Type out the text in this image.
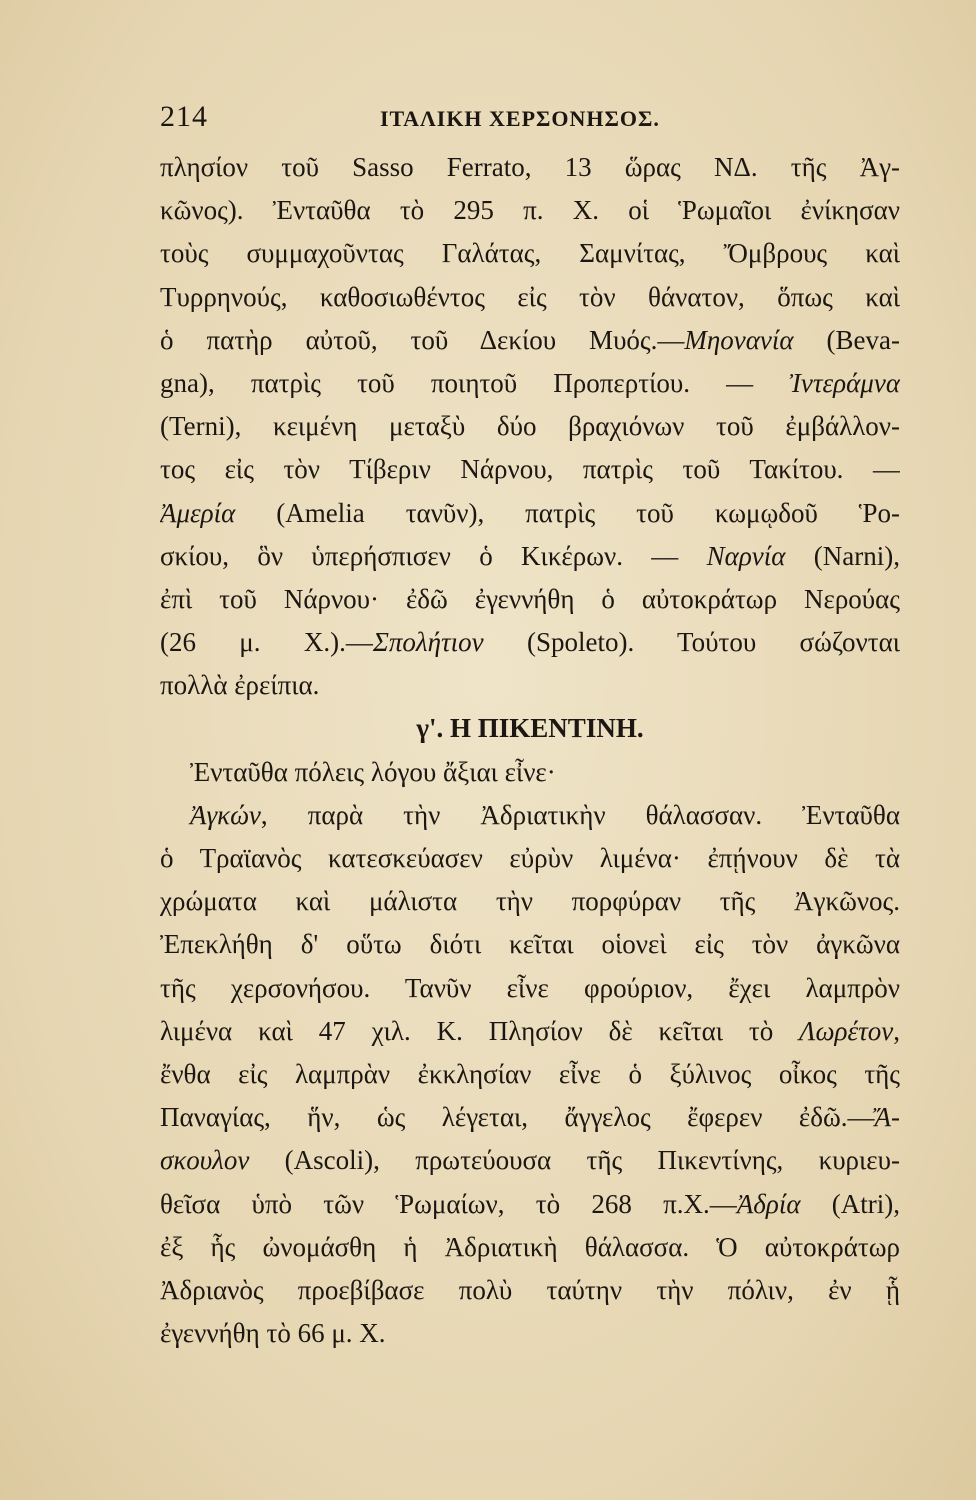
214	ΙΤΑΛΙΚΗ ΧΕΡΣΟΝΗΣΟΣ.
πλησίον τοῦ Sasso Ferrato, 13 ὥρας ΝΔ. τῆς Ἀγ-
κῶνος). Ἐνταῦθα τὸ 295 π. Χ. οἱ Ῥωμαῖοι ἐνίκησαν
τοὺς συμμαχοῦντας Γαλάτας, Σαμνίτας, Ὄμβρους καὶ
Τυρρηνούς, καθοσιωθέντος εἰς τὸν θάνατον, ὅπως καὶ
ὁ πατὴρ αὐτοῦ, τοῦ Δεκίου Μυός.—Μηονανία (Beva-
gna), πατρὶς τοῦ ποιητοῦ Προπερτίου. — Ἰντεράμνα
(Terni), κειμένη μεταξὺ δύο βραχιόνων τοῦ ἐμβάλλον-
τος εἰς τὸν Τίβεριν Νάρνου, πατρὶς τοῦ Τακίτου. —
Ἀμερία (Amelia τανῦν), πατρὶς τοῦ κωμῳδοῦ Ῥο-
σκίου, ὃν ὑπερήσπισεν ὁ Κικέρων. — Ναρνία (Narni),
ἐπὶ τοῦ Νάρνου· ἐδῶ ἐγεννήθη ὁ αὐτοκράτωρ Νερούας
(26 μ. Χ.).—Σπολήτιον (Spoleto). Τούτου σώζονται
πολλὰ ἐρείπια.
γ'. Η ΠΙΚΕΝΤΙΝΗ.
Ἐνταῦθα πόλεις λόγου ἄξιαι εἶνε·
Ἀγκών, παρὰ τὴν Ἀδριατικὴν θάλασσαν. Ἐνταῦθα
ὁ Τραϊανὸς κατεσκεύασεν εὐρὺν λιμένα· ἐπῄνουν δὲ τὰ
χρώματα καὶ μάλιστα τὴν πορφύραν τῆς Ἀγκῶνος.
Ἐπεκλήθη δ' οὕτω διότι κεῖται οἱονεὶ εἰς τὸν ἀγκῶνα
τῆς χερσονήσου. Τανῦν εἶνε φρούριον, ἔχει λαμπρὸν
λιμένα καὶ 47 χιλ. Κ. Πλησίον δὲ κεῖται τὸ Λωρέτον,
ἔνθα εἰς λαμπρὰν ἐκκλησίαν εἶνε ὁ ξύλινος οἶκος τῆς
Παναγίας, ἥν, ὡς λέγεται, ἄγγελος ἔφερεν ἐδῶ.—Ἄ-
σκουλον (Ascoli), πρωτεύουσα τῆς Πικεντίνης, κυριευ-
θεῖσα ὑπὸ τῶν Ῥωμαίων, τὸ 268 π.Χ.—Ἀδρία (Atri),
ἐξ ἧς ὠνομάσθη ἡ Ἀδριατικὴ θάλασσα. Ὁ αὐτοκράτωρ
Ἀδριανὸς προεβίβασε πολὺ ταύτην τὴν πόλιν, ἐν ᾗ
ἐγεννήθη τὸ 66 μ. Χ.
